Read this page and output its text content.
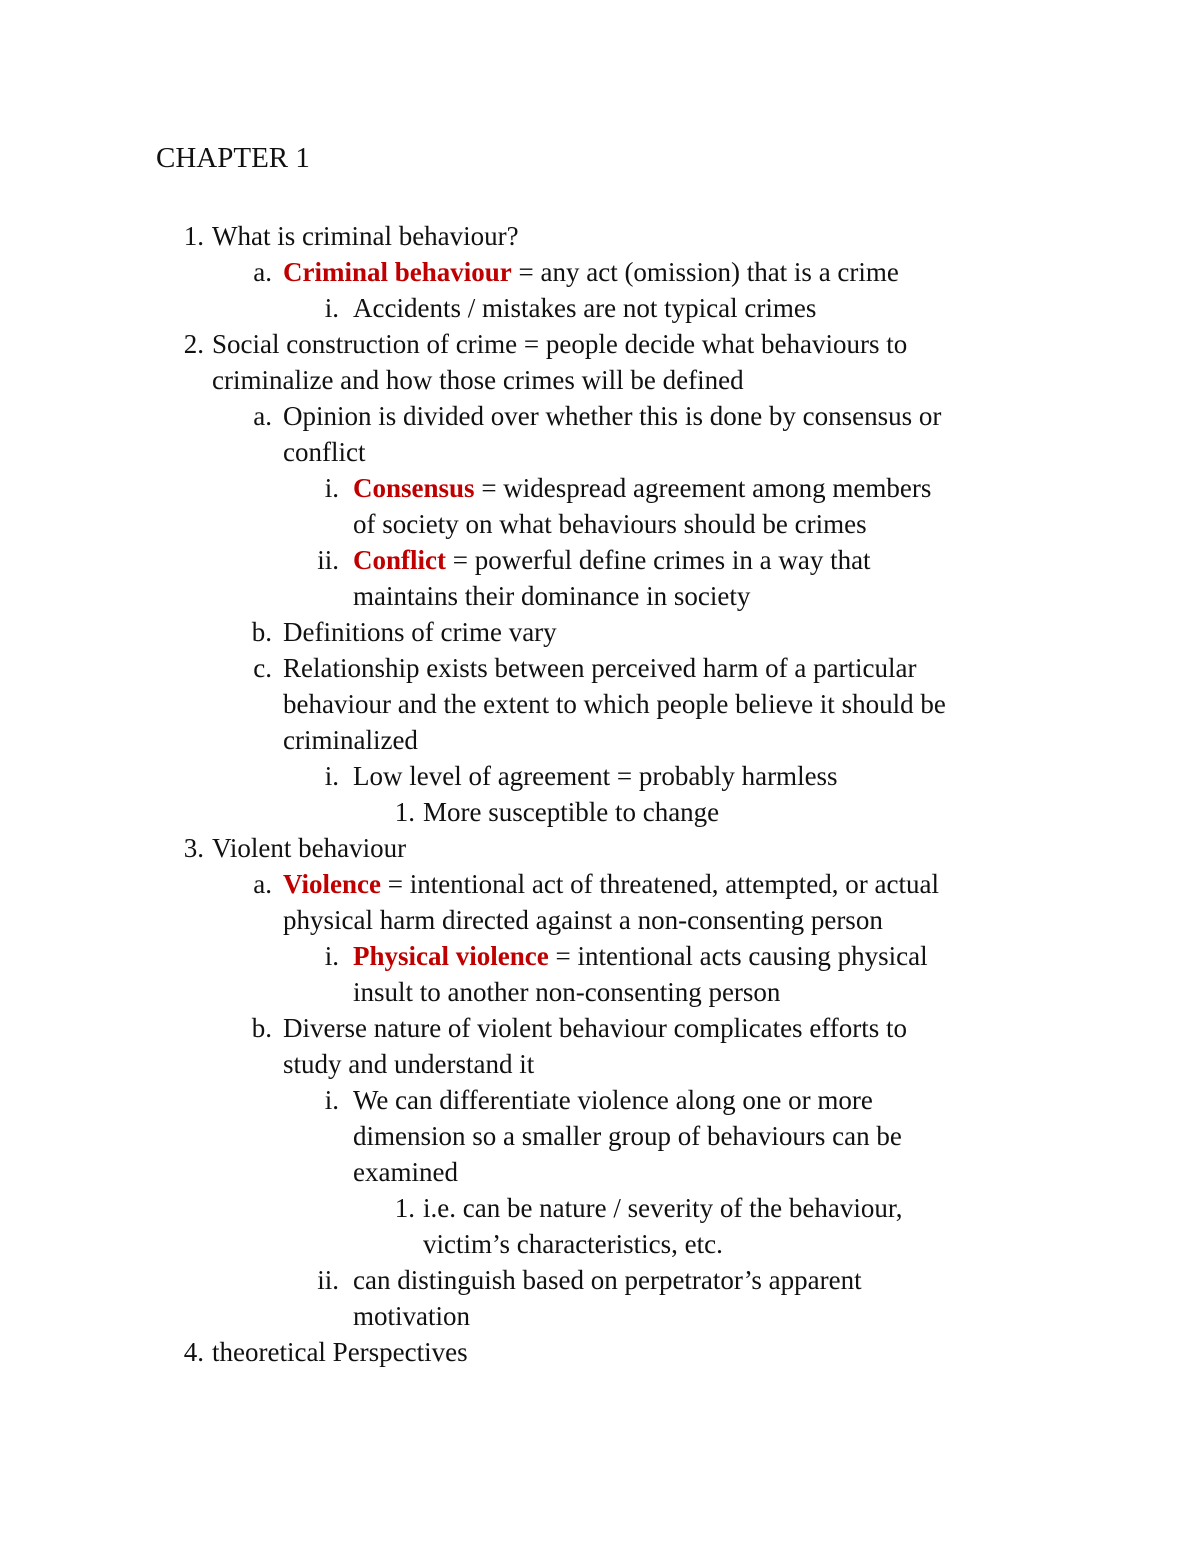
CHAPTER 1
1. What is criminal behaviour?
a. Criminal behaviour = any act (omission) that is a crime
i. Accidents / mistakes are not typical crimes
2. Social construction of crime = people decide what behaviours to
criminalize and how those crimes will be defined
a. Opinion is divided over whether this is done by consensus or
conflict
i. Consensus = widespread agreement among members
of society on what behaviours should be crimes
ii. Conflict = powerful define crimes in a way that
maintains their dominance in society
b. Definitions of crime vary
c. Relationship exists between perceived harm of a particular
behaviour and the extent to which people believe it should be
criminalized
i. Low level of agreement = probably harmless
1. More susceptible to change
3. Violent behaviour
a. Violence = intentional act of threatened, attempted, or actual
physical harm directed against a non-consenting person
i. Physical violence = intentional acts causing physical
insult to another non-consenting person
b. Diverse nature of violent behaviour complicates efforts to
study and understand it
i. We can differentiate violence along one or more
dimension so a smaller group of behaviours can be
examined
1. i.e. can be nature / severity of the behaviour,
victim’s characteristics, etc.
ii. can distinguish based on perpetrator’s apparent
motivation
4. theoretical Perspectives
